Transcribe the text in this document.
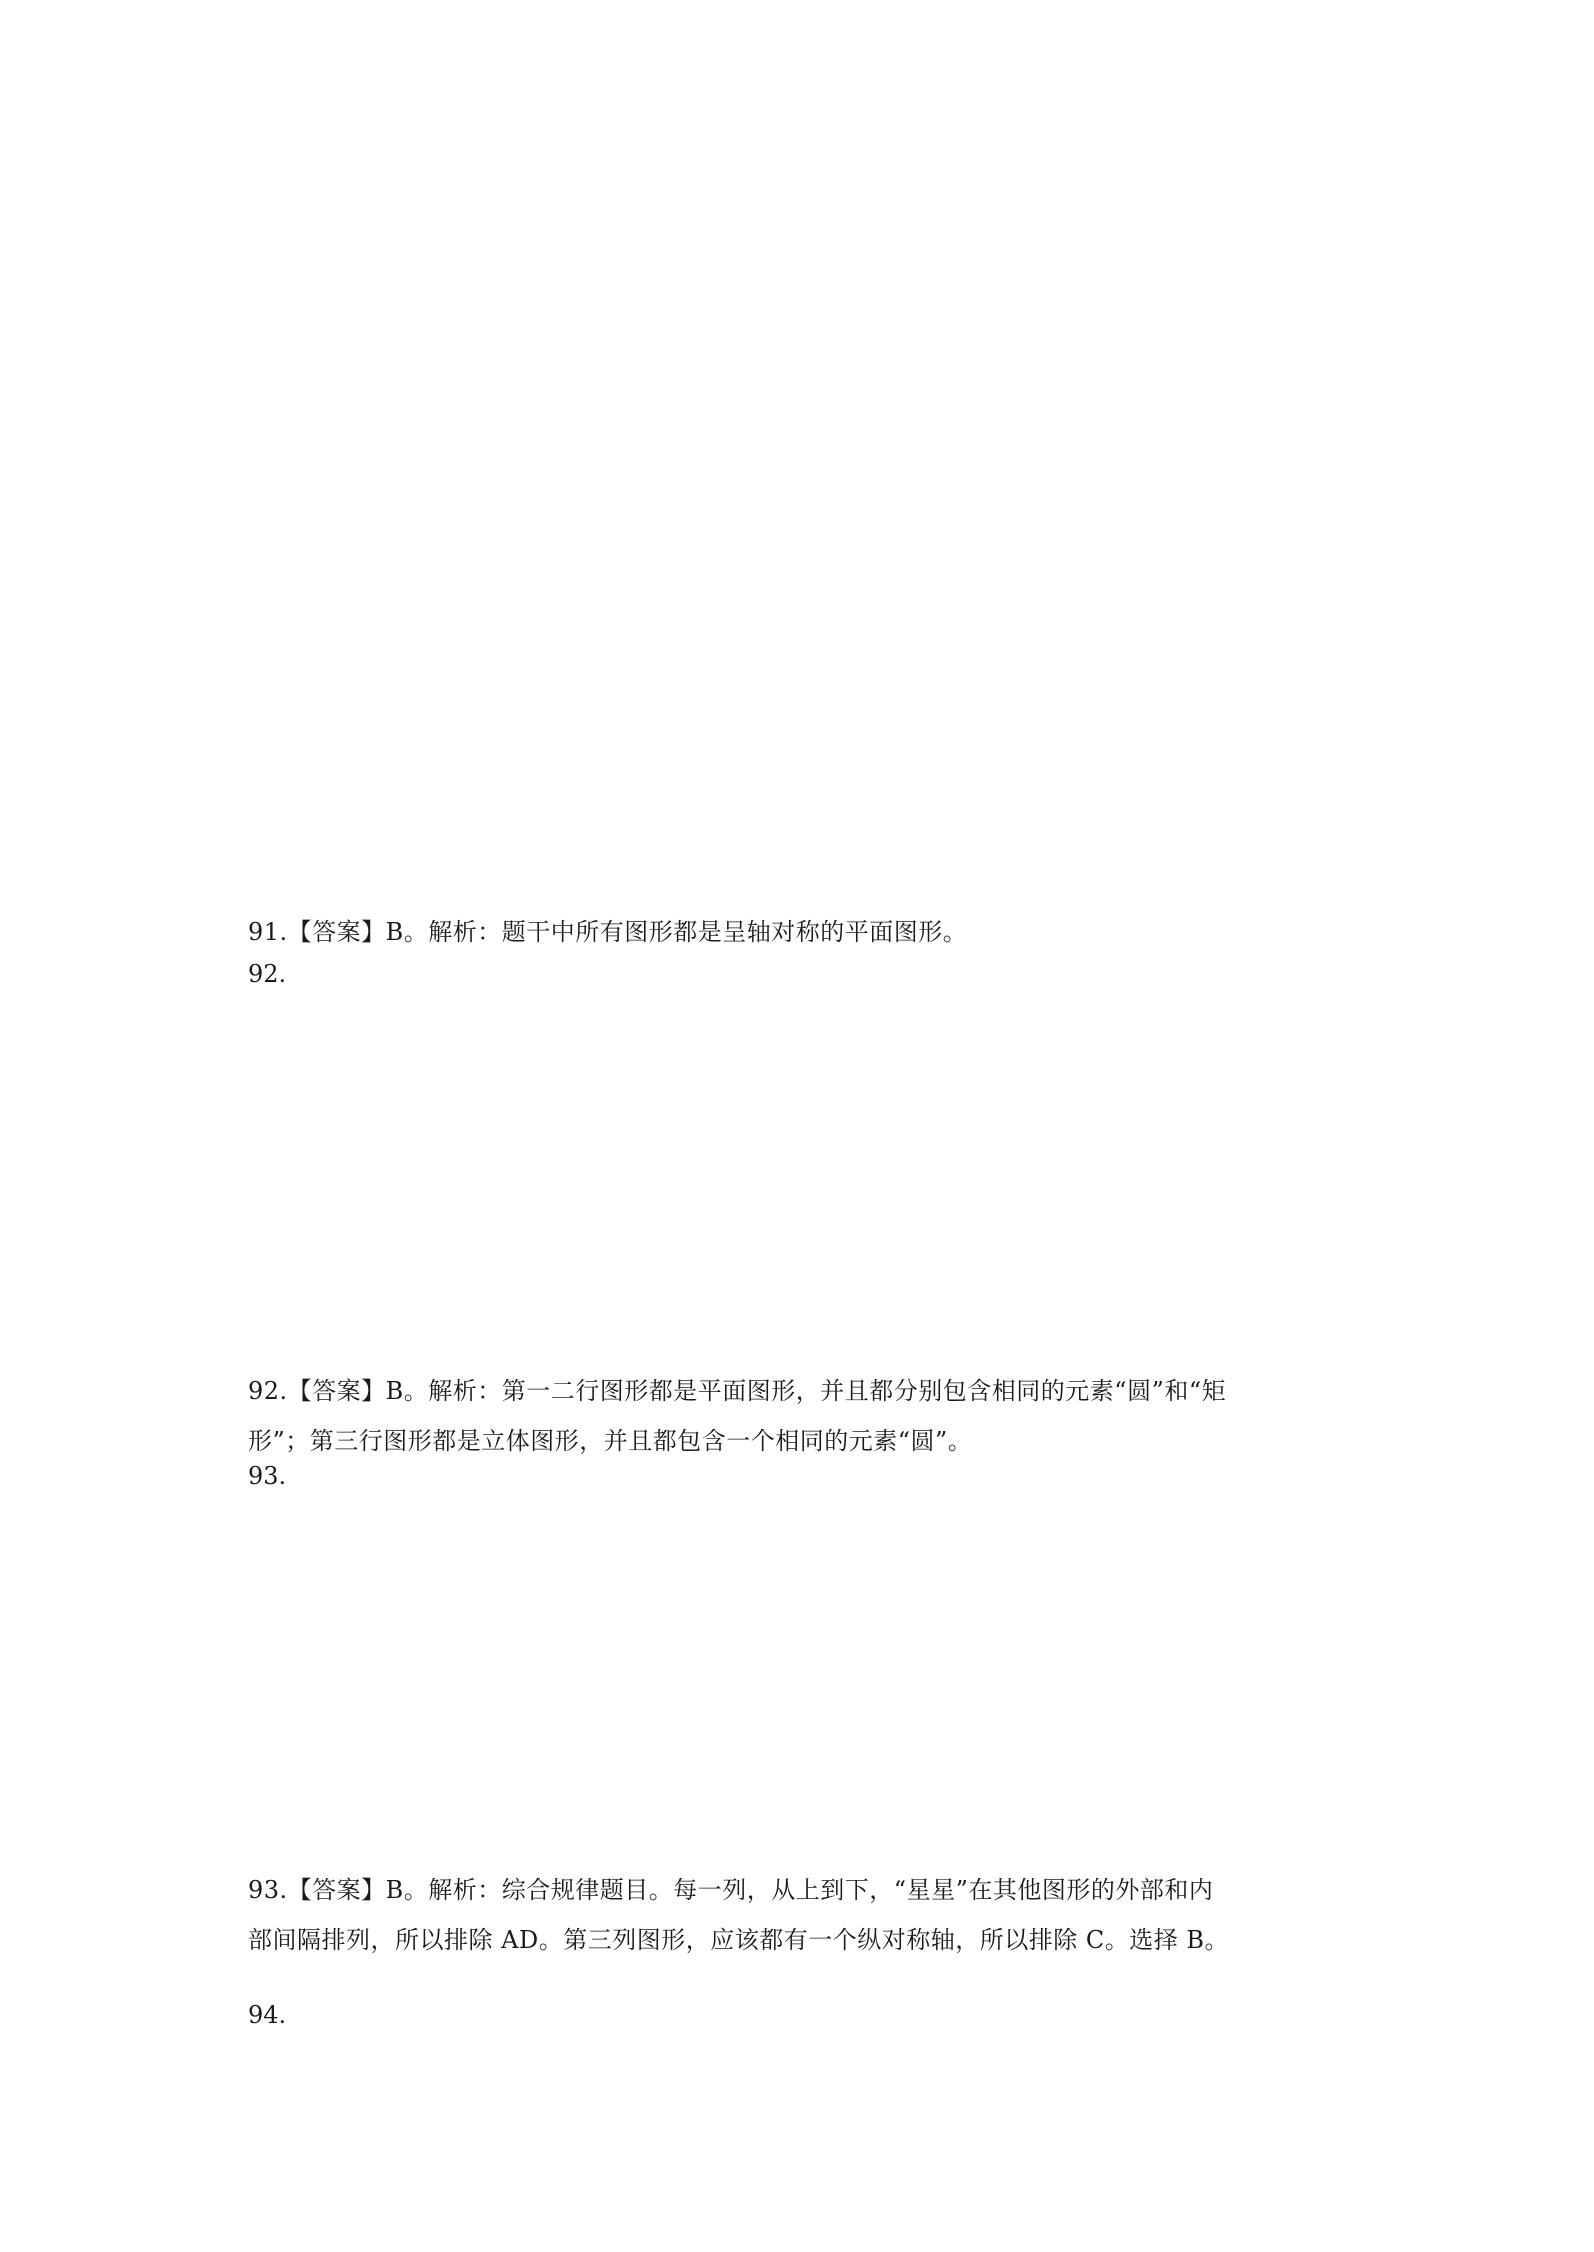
91.【答案】B。解析：题干中所有图形都是呈轴对称的平面图形。
92.
92.【答案】B。解析：第一二行图形都是平面图形，并且都分别包含相同的元素“圆”和“矩
形”；第三行图形都是立体图形，并且都包含一个相同的元素“圆”。
93.
93.【答案】B。解析：综合规律题目。每一列，从上到下，“星星”在其他图形的外部和内
部间隔排列，所以排除 AD。第三列图形，应该都有一个纵对称轴，所以排除 C。选择 B。
94.
